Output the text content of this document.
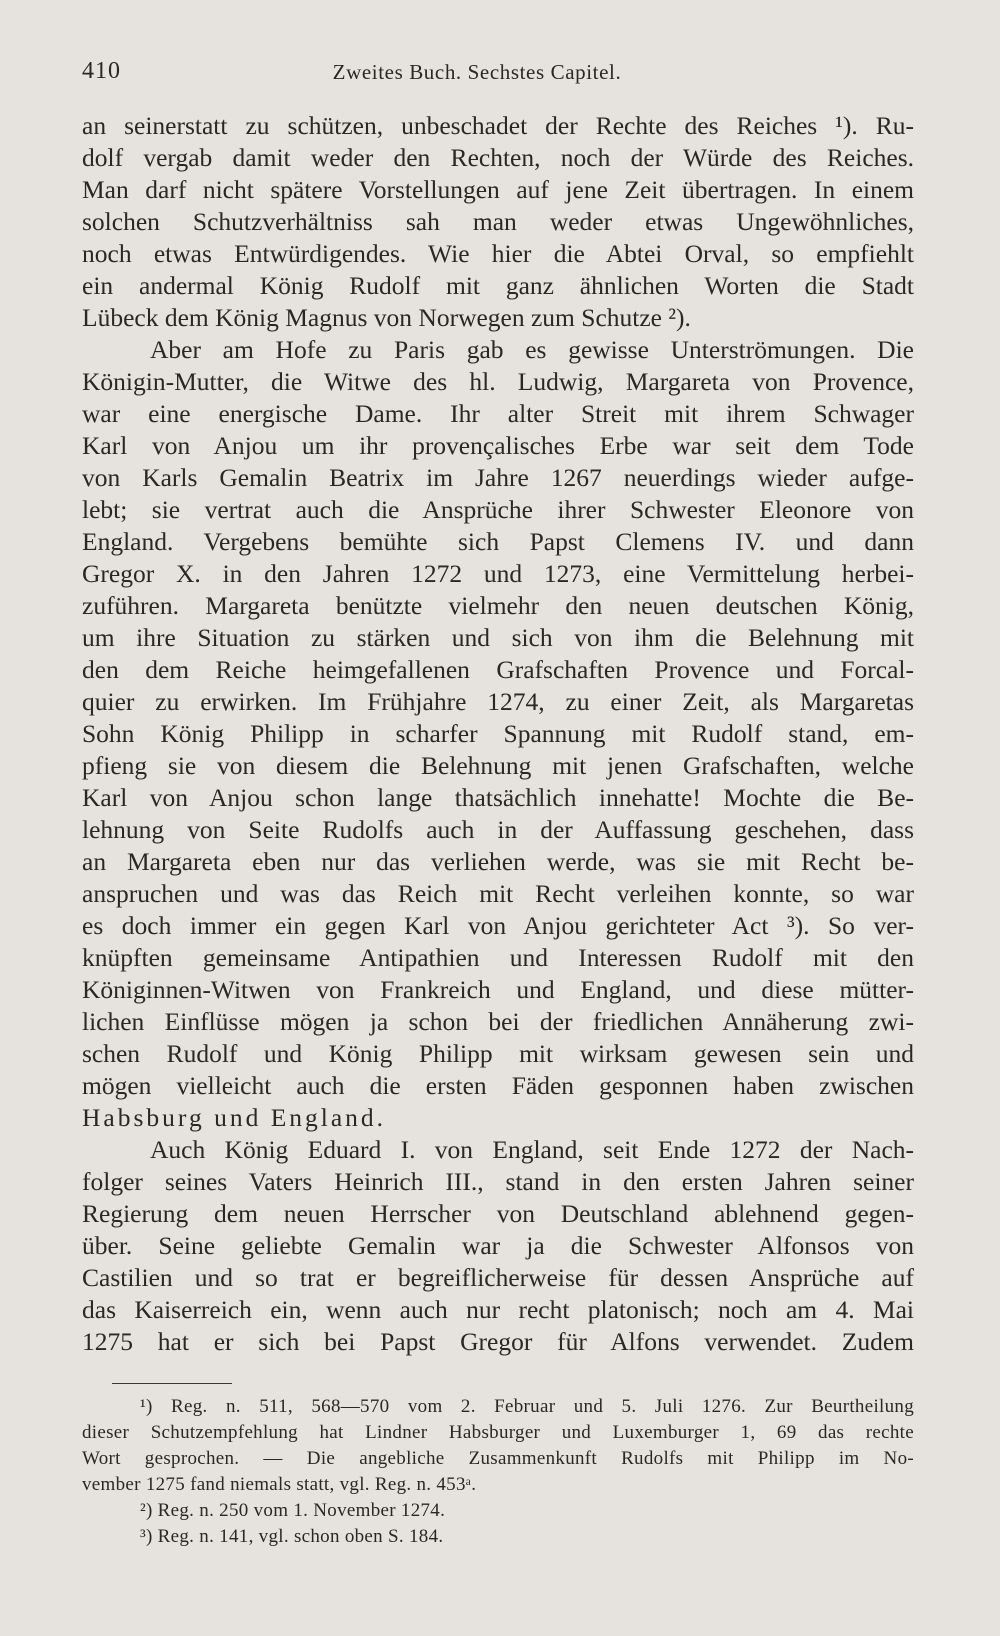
410	Zweites Buch. Sechstes Capitel.
an seinerstatt zu schützen, unbeschadet der Rechte des Reiches ¹). Ru-
dolf vergab damit weder den Rechten, noch der Würde des Reiches.
Man darf nicht spätere Vorstellungen auf jene Zeit übertragen. In einem
solchen Schutzverhältniss sah man weder etwas Ungewöhnliches,
noch etwas Entwürdigendes. Wie hier die Abtei Orval, so empfiehlt
ein andermal König Rudolf mit ganz ähnlichen Worten die Stadt
Lübeck dem König Magnus von Norwegen zum Schutze ²).
Aber am Hofe zu Paris gab es gewisse Unterströmungen. Die
Königin-Mutter, die Witwe des hl. Ludwig, Margareta von Provence,
war eine energische Dame. Ihr alter Streit mit ihrem Schwager
Karl von Anjou um ihr provençalisches Erbe war seit dem Tode
von Karls Gemalin Beatrix im Jahre 1267 neuerdings wieder aufge-
lebt; sie vertrat auch die Ansprüche ihrer Schwester Eleonore von
England. Vergebens bemühte sich Papst Clemens IV. und dann
Gregor X. in den Jahren 1272 und 1273, eine Vermittelung herbei-
zuführen. Margareta benützte vielmehr den neuen deutschen König,
um ihre Situation zu stärken und sich von ihm die Belehnung mit
den dem Reiche heimgefallenen Grafschaften Provence und Forcal-
quier zu erwirken. Im Frühjahre 1274, zu einer Zeit, als Margaretas
Sohn König Philipp in scharfer Spannung mit Rudolf stand, em-
pfieng sie von diesem die Belehnung mit jenen Grafschaften, welche
Karl von Anjou schon lange thatsächlich innehatte! Mochte die Be-
lehnung von Seite Rudolfs auch in der Auffassung geschehen, dass
an Margareta eben nur das verliehen werde, was sie mit Recht be-
anspruchen und was das Reich mit Recht verleihen konnte, so war
es doch immer ein gegen Karl von Anjou gerichteter Act ³). So ver-
knüpften gemeinsame Antipathien und Interessen Rudolf mit den
Königinnen-Witwen von Frankreich und England, und diese mütter-
lichen Einflüsse mögen ja schon bei der friedlichen Annäherung zwi-
schen Rudolf und König Philipp mit wirksam gewesen sein und
mögen vielleicht auch die ersten Fäden gesponnen haben zwischen
Habsburg und England.
Auch König Eduard I. von England, seit Ende 1272 der Nach-
folger seines Vaters Heinrich III., stand in den ersten Jahren seiner
Regierung dem neuen Herrscher von Deutschland ablehnend gegen-
über. Seine geliebte Gemalin war ja die Schwester Alfonsos von
Castilien und so trat er begreiflicherweise für dessen Ansprüche auf
das Kaiserreich ein, wenn auch nur recht platonisch; noch am 4. Mai
1275 hat er sich bei Papst Gregor für Alfons verwendet. Zudem
¹) Reg. n. 511, 568—570 vom 2. Februar und 5. Juli 1276. Zur Beurtheilung
dieser Schutzempfehlung hat Lindner Habsburger und Luxemburger 1, 69 das rechte
Wort gesprochen. — Die angebliche Zusammenkunft Rudolfs mit Philipp im No-
vember 1275 fand niemals statt, vgl. Reg. n. 453ᵃ.
²) Reg. n. 250 vom 1. November 1274.
³) Reg. n. 141, vgl. schon oben S. 184.
